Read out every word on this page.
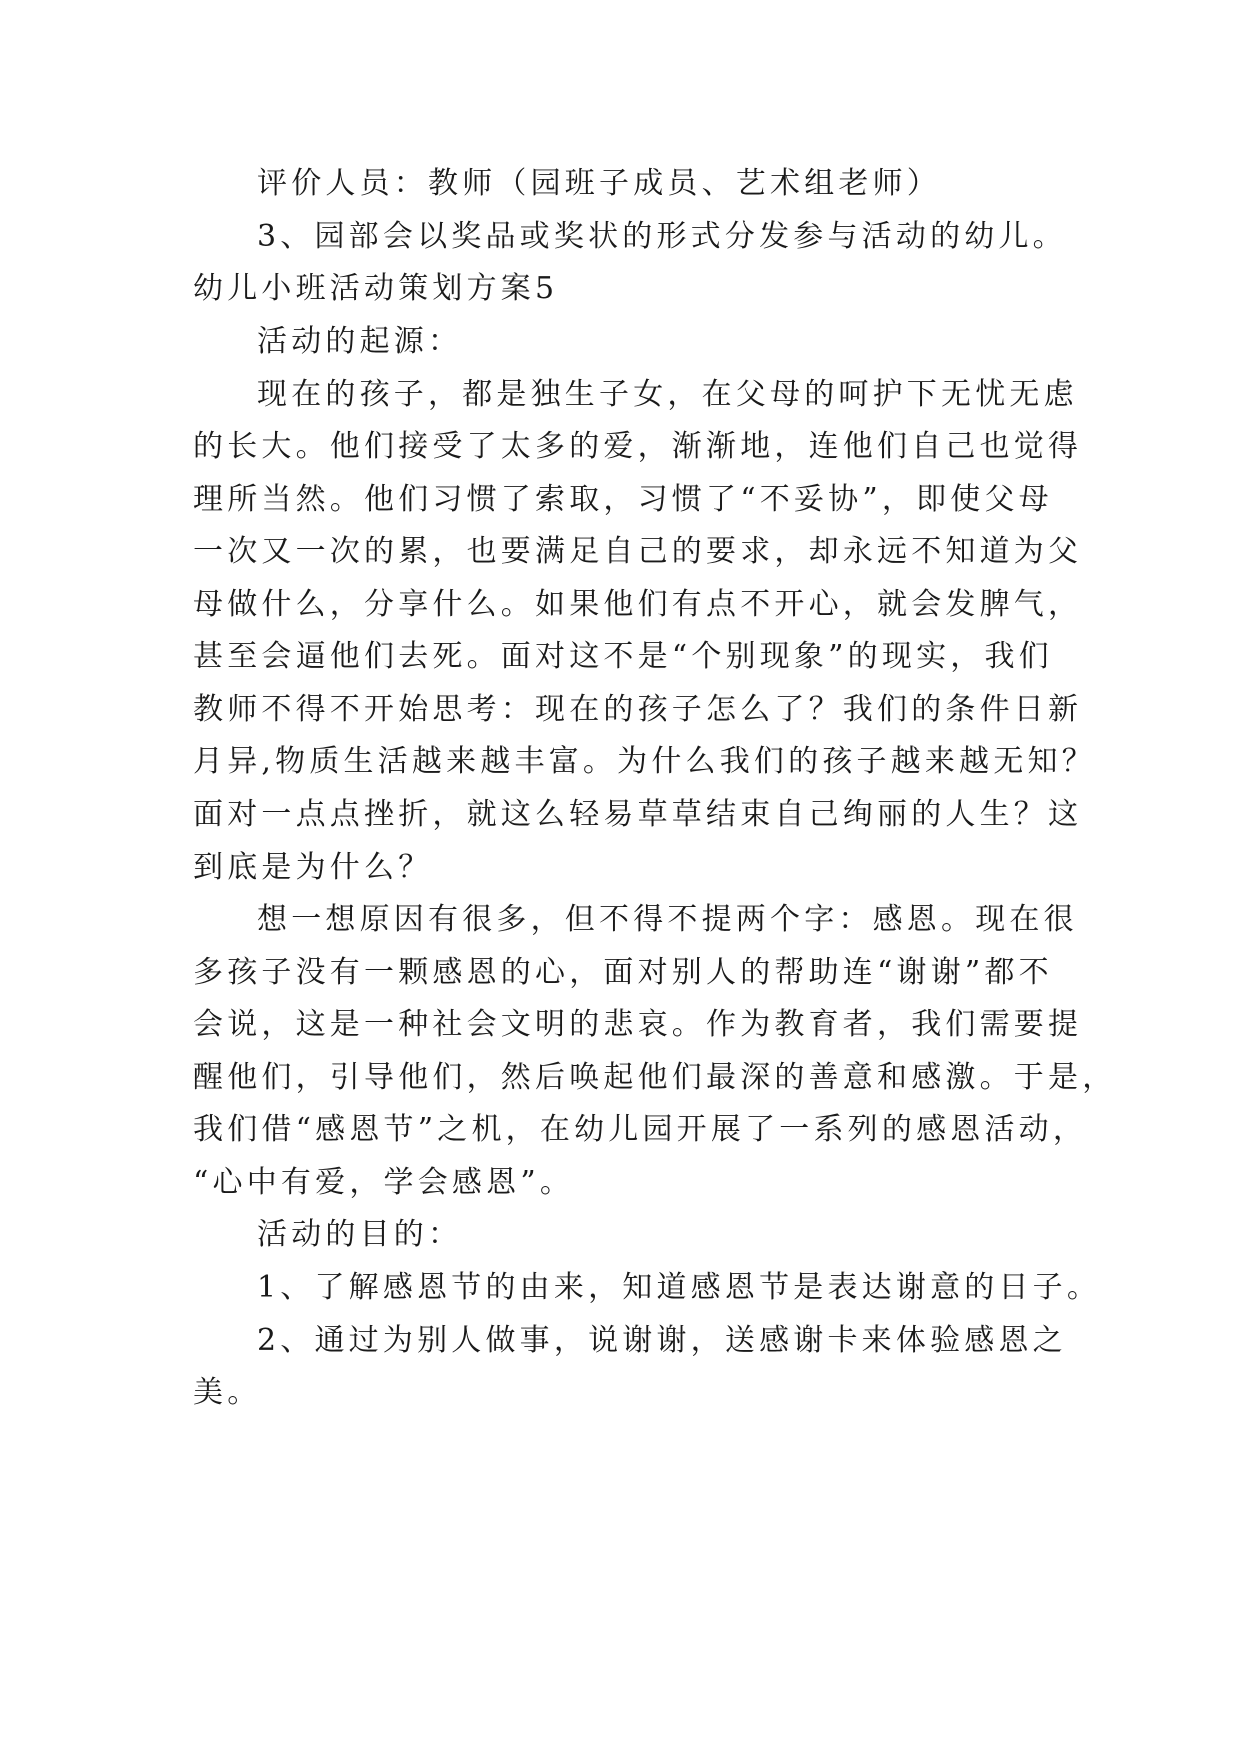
评价人员：教师（园班子成员、艺术组老师）
3、园部会以奖品或奖状的形式分发参与活动的幼儿。
幼儿小班活动策划方案5
活动的起源：
现在的孩子，都是独生子女，在父母的呵护下无忧无虑
的长大。他们接受了太多的爱，渐渐地，连他们自己也觉得
理所当然。他们习惯了索取，习惯了“不妥协”，即使父母
一次又一次的累，也要满足自己的要求，却永远不知道为父
母做什么，分享什么。如果他们有点不开心，就会发脾气，
甚至会逼他们去死。面对这不是“个别现象”的现实，我们
教师不得不开始思考：现在的孩子怎么了？我们的条件日新
月异,物质生活越来越丰富。为什么我们的孩子越来越无知？
面对一点点挫折，就这么轻易草草结束自己绚丽的人生？这
到底是为什么？
想一想原因有很多，但不得不提两个字：感恩。现在很
多孩子没有一颗感恩的心，面对别人的帮助连“谢谢”都不
会说，这是一种社会文明的悲哀。作为教育者，我们需要提
醒他们，引导他们，然后唤起他们最深的善意和感激。于是，
我们借“感恩节”之机，在幼儿园开展了一系列的感恩活动，
“心中有爱，学会感恩”。
活动的目的：
1、了解感恩节的由来，知道感恩节是表达谢意的日子。
2、通过为别人做事，说谢谢，送感谢卡来体验感恩之
美。
